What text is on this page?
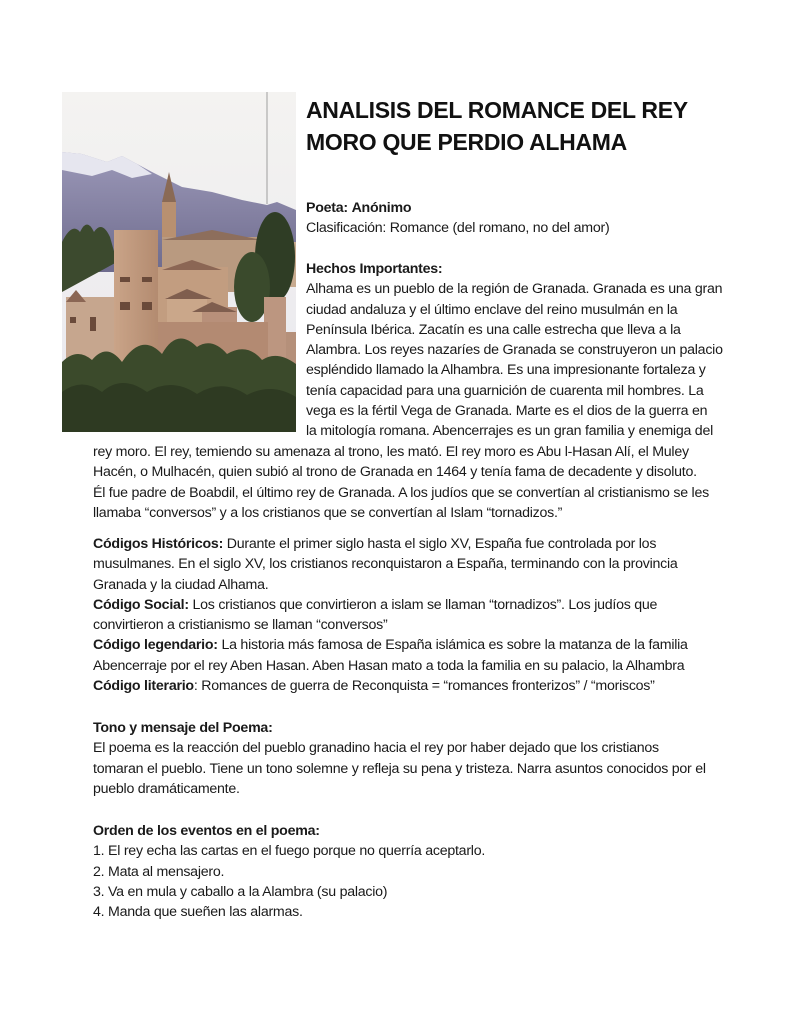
ANALISIS DEL ROMANCE DEL REY
MORO QUE PERDIO ALHAMA

Poeta: Anónimo

Clasificación: Romance (del romano, no del amor)

Hechos Importantes:

Alhama es un pueblo de la región de Granada. Granada es una gran
ciudad andaluza y el último enclave del reino musulmán en la
Península Ibérica. Zacatín es una calle estrecha que lleva a la
Alambra. Los reyes nazaríes de Granada se construyeron un palacio
espléndido llamado la Alhambra. Es una impresionante fortaleza y
tenía capacidad para una guarnición de cuarenta mil hombres. La
vega es la fértil Vega de Granada. Marte es el dios de la guerra en
la mitología romana. Abencerrajes es un gran familia y enemiga del
rey moro. El rey, temiendo su amenaza al trono, les mató. El rey moro es Abu l-Hasan Alí, el Muley
Hacén, o Mulhacén, quien subió al trono de Granada en 1464 y tenía fama de decadente y disoluto.
Él fue padre de Boabdil, el último rey de Granada. A los judíos que se convertían al cristianismo se les
llamaba “conversos” y a los cristianos que se convertían al Islam “tornadizos.”
Códigos Históricos: Durante el primer siglo hasta el siglo XV, España fue controlada por los
musulmanes. En el siglo XV, los cristianos reconquistaron a España, terminando con la provincia
Granada y la ciudad Alhama.
Código Social: Los cristianos que convirtieron a islam se llaman “tornadizos”. Los judíos que
convirtieron a cristianismo se llaman “conversos”
Código legendario: La historia más famosa de España islámica es sobre la matanza de la familia
Abencerraje por el rey Aben Hasan. Aben Hasan mato a toda la familia en su palacio, la Alhambra
Código literario: Romances de guerra de Reconquista = “romances fronterizos” / “moriscos”

Tono y mensaje del Poema:

El poema es la reacción del pueblo granadino hacia el rey por haber dejado que los cristianos
tomaran el pueblo. Tiene un tono solemne y refleja su pena y tristeza. Narra asuntos conocidos por el
pueblo dramáticamente.

Orden de los eventos en el poema:

1. El rey echa las cartas en el fuego porque no querría aceptarlo.
2. Mata al mensajero.
3. Va en mula y caballo a la Alambra (su palacio)
4. Manda que sueñen las alarmas.
